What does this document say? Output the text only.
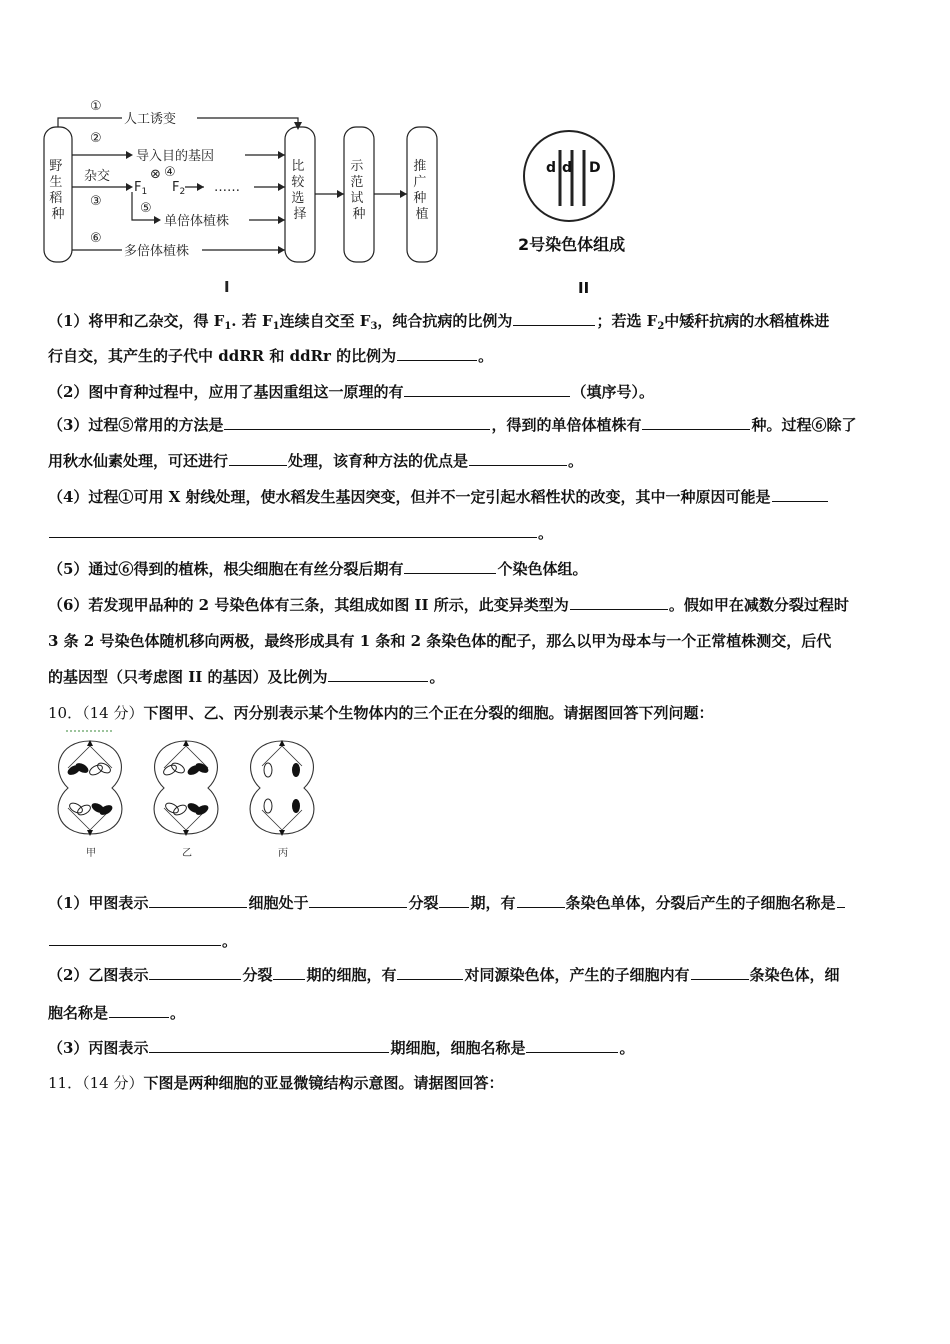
野 生 稻 种
比 较 选 择
示 范 试 种
推 广 种 植
①
人工诱变
②
导入目的基因
杂交
③
$F_1$
⊗ ④
$F_2$ ……
⑤
单倍体植株
⑥
多倍体植株
I
d d D
2号染色体组成
II
（1）将甲和乙杂交，得 $F_1$. 若 $F_1$连续自交至 $F_3$，纯合抗病的比例为	；若选 $F_2$中矮秆抗病的水稻植株进
行自交，其产生的子代中 ddRR 和 ddRr 的比例为	。
（2）图中育种过程中，应用了基因重组这一原理的有	（填序号）。
（3）过程⑤常用的方法是	，得到的单倍体植株有	种。过程⑥除了
用秋水仙素处理，可还进行	处理，该育种方法的优点是	。
（4）过程①可用 X 射线处理，使水稻发生基因突变，但并不一定引起水稻性状的改变，其中一种原因可能是
。
（5）通过⑥得到的植株，根尖细胞在有丝分裂后期有	个染色体组。
（6）若发现甲品种的 2 号染色体有三条，其组成如图 II 所示，此变异类型为	。假如甲在减数分裂过程时
3 条 2 号染色体随机移向两极，最终形成具有 1 条和 2 条染色体的配子，那么以甲为母本与一个正常植株测交，后代
的基因型（只考虑图 II 的基因）及比例为	。
10．（14 分）下图甲、乙、丙分别表示某个生物体内的三个正在分裂的细胞。请据图回答下列问题：
甲	乙	丙
（1）甲图表示	细胞处于	分裂 期，有	条染色单体，分裂后产生的子细胞名称是
。
（2）乙图表示	分裂 期的细胞，有	对同源染色体，产生的子细胞内有	条染色体，细
胞名称是	。
（3）丙图表示	期细胞，细胞名称是	。
11．（14 分）下图是两种细胞的亚显微镜结构示意图。请据图回答：
